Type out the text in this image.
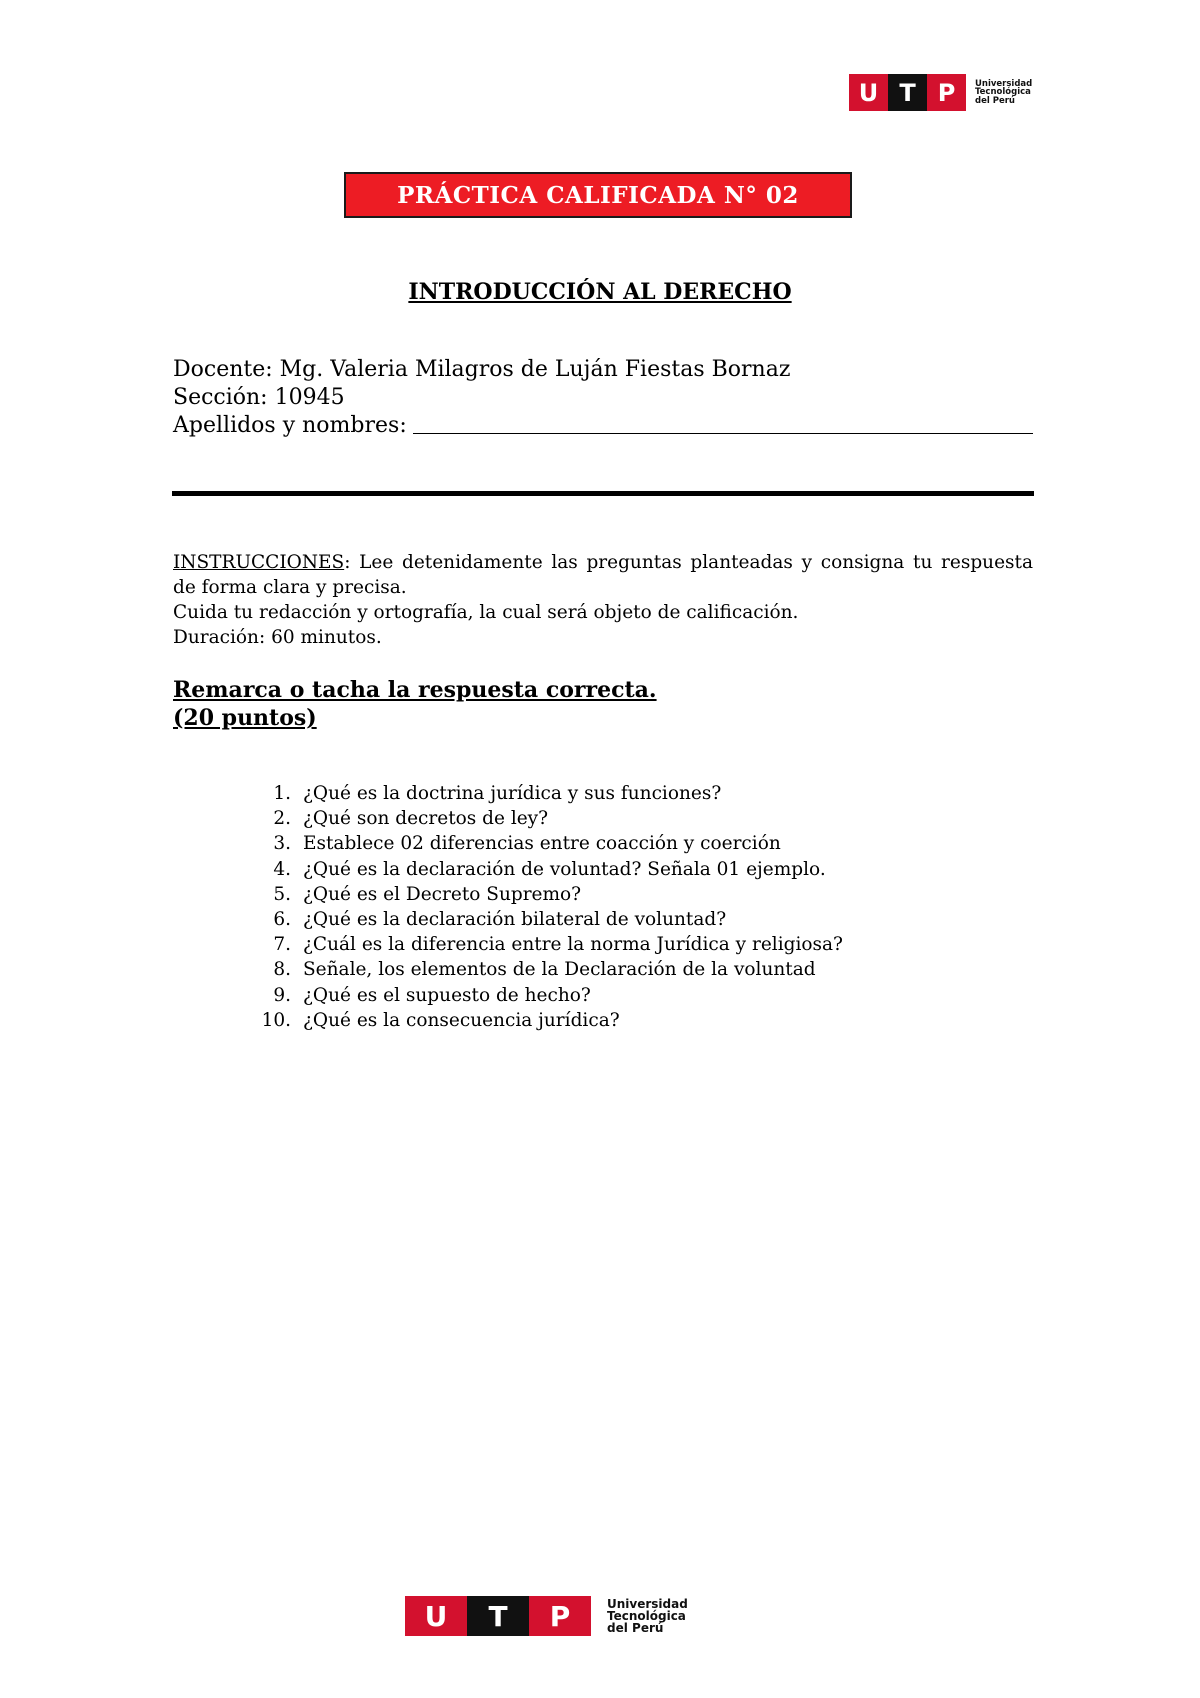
U T P	Universidad
Tecnológica
del Perú
PRÁCTICA CALIFICADA N° 02
INTRODUCCIÓN AL DERECHO
Docente: Mg. Valeria Milagros de Luján Fiestas Bornaz
Sección: 10945
Apellidos y nombres:

INSTRUCCIONES: Lee detenidamente las preguntas planteadas y consigna tu respuesta de forma clara y precisa.

Cuida tu redacción y ortografía, la cual será objeto de calificación.

Duración: 60 minutos.

Remarca o tacha la respuesta correcta.
(20 puntos)
1. ¿Qué es la doctrina jurídica y sus funciones?
2. ¿Qué son decretos de ley?
3. Establece 02 diferencias entre coacción y coerción
4. ¿Qué es la declaración de voluntad? Señala 01 ejemplo.
5. ¿Qué es el Decreto Supremo?
6. ¿Qué es la declaración bilateral de voluntad?
7. ¿Cuál es la diferencia entre la norma Jurídica y religiosa?
8. Señale, los elementos de la Declaración de la voluntad
9. ¿Qué es el supuesto de hecho?
10. ¿Qué es la consecuencia jurídica?
U	T	P	Universidad
Tecnológica
del Perú
